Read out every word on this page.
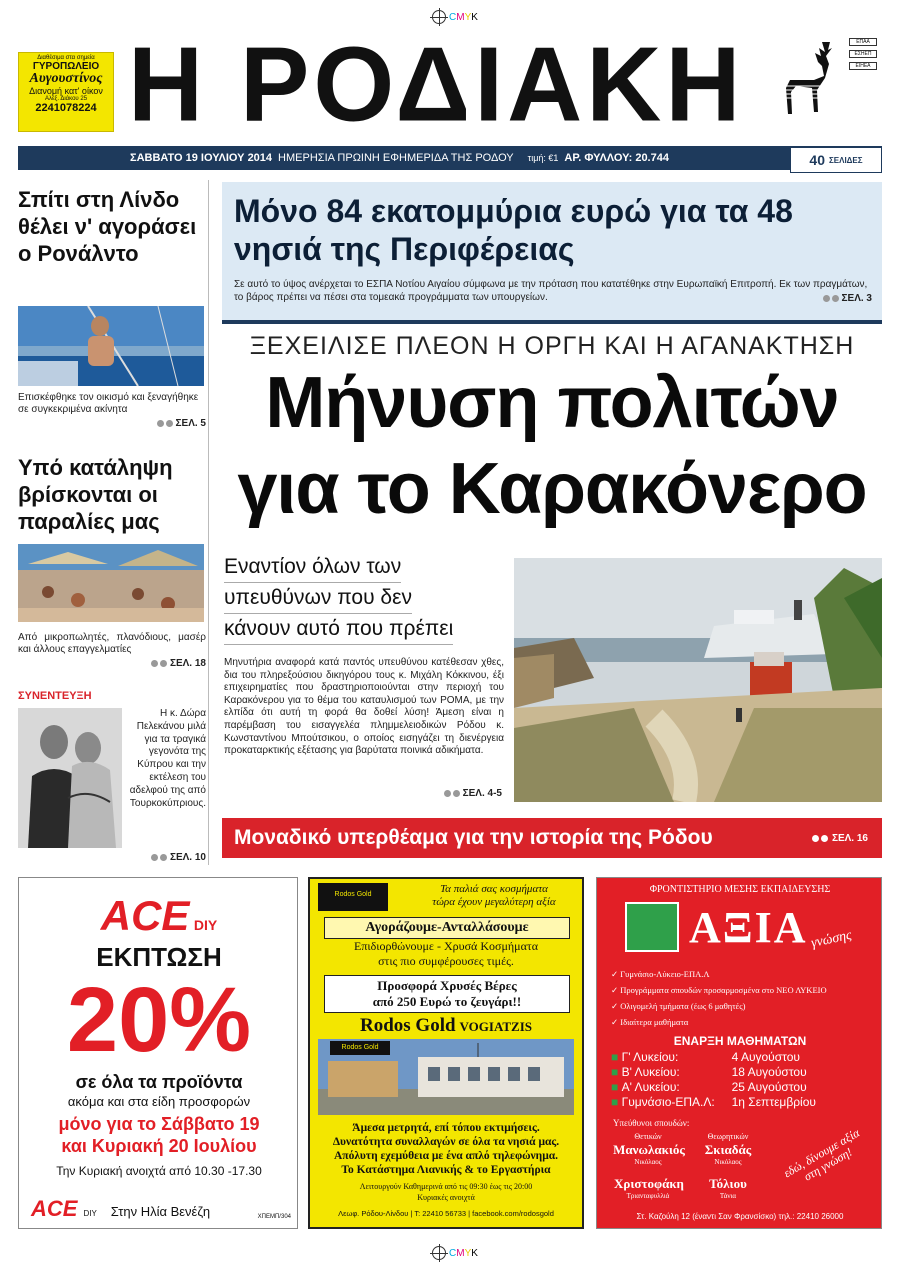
CMYK
Διαθέσιμα στα σημεία
ΓΥΡΟΠΩΛΕΙΟ
Αυγουστίνος
Διανομή κατ' οίκον
Αλεξ. Διάκου 25
2241078224 Η ΡΟΔΙΑΚΗ	ΕΠΑΑ
ΕΣΗΕΠ
ΕΙΗΕΑ
ΣΑΒΒΑΤΟ 19 ΙΟΥΛΙΟΥ 2014 ΗΜΕΡΗΣΙΑ ΠΡΩΙΝΗ ΕΦΗΜΕΡΙΔΑ ΤΗΣ ΡΟΔΟΥ τιμή: €1 ΑΡ. ΦΥΛΛΟΥ: 20.744	40 ΣΕΛΙΔΕΣ
Σπίτι στη Λίνδο θέλει ν' αγοράσει ο Ρονάλντο
Επισκέφθηκε τον οικισμό και ξεναγήθηκε σε συγκεκριμένα ακίνητα
ΣΕΛ. 5
Υπό κατάληψη βρίσκονται οι παραλίες μας
Από μικροπωλητές, πλανόδιους, μασέρ και άλλους επαγγελματίες
ΣΕΛ. 18
ΣΥΝΕΝΤΕΥΞΗ
Η κ. Δώρα Πελεκάνου μιλά για τα τραγικά γεγονότα της Κύπρου και την εκτέλεση του αδελφού της από Τουρκοκύπριους.
ΣΕΛ. 10
Μόνο 84 εκατομμύρια ευρώ για τα 48 νησιά της Περιφέρειας
Σε αυτό το ύψος ανέρχεται το ΕΣΠΑ Νοτίου Αιγαίου σύμφωνα με την πρόταση που κατατέθηκε στην Ευρωπαϊκή Επιτροπή. Εκ των πραγμάτων, το βάρος πρέπει να πέσει στα τομεακά προγράμματα των υπουργείων.	ΣΕΛ. 3
ΞΕΧΕΙΛΙΣΕ ΠΛΕΟΝ Η ΟΡΓΗ ΚΑΙ Η ΑΓΑΝΑΚΤΗΣΗ
Μήνυση πολιτών
για το Καρακόνερο
Εναντίον όλων των
υπευθύνων που δεν
κάνουν αυτό που πρέπει
Μηνυτήρια αναφορά κατά παντός υπευθύνου κατέθεσαν χθες, δια του πληρεξούσιου δικηγόρου τους κ. Μιχάλη Κόκκινου, έξι επιχειρηματίες που δραστηριοποιούνται στην περιοχή του Καρακόνερου για το θέμα του καταυλισμού των ΡΟΜΑ, με την ελπίδα ότι αυτή τη φορά θα δοθεί λύση! Άμεση είναι η παρέμβαση του εισαγγελέα πλημμελειοδικών Ρόδου κ. Κωνσταντίνου Μπούτσικου, ο οποίος εισηγάζει τη διενέργεια προκαταρκτικής εξέτασης για βαρύτατα ποινικά αδικήματα.
ΣΕΛ. 4-5
Μοναδικό υπερθέαμα για την ιστορία της Ρόδου	ΣΕΛ. 16
ACE DIY
ΕΚΠΤΩΣΗ
20%
σε όλα τα προϊόντα
ακόμα και στα είδη προσφορών
μόνο για το Σάββατο 19
και Κυριακή 20 Ιουλίου
Την Κυριακή ανοιχτά από 10.30 -17.30
ACE DIY Στην Ηλία Βενέζη	ΧΠΕΜΠ/304
Rodos Gold	Τα παλιά σας κοσμήματα
τώρα έχουν μεγαλύτερη αξία
Αγοράζουμε-Ανταλλάσουμε
Επιδιορθώνουμε - Χρυσά Κοσμήματα
στις πιο συμφέρουσες τιμές.
Προσφορά Χρυσές Βέρες
από 250 Ευρώ το ζευγάρι!!
Rodos Gold VOGIATZIS
Rodos Gold
Άμεσα μετρητά, επί τόπου εκτιμήσεις.
Δυνατότητα συναλλαγών σε όλα τα νησιά μας.
Απόλυτη εχεμύθεια με ένα απλό τηλεφώνημα.
Το Κατάστημα Λιανικής & το Εργαστήρια
Λειτουργούν Καθημερινά από τις 09:30 έως τις 20:00
Κυριακές ανοιχτά
Λεωφ. Ρόδου-Λίνδου | Τ: 22410 56733 | facebook.com/rodosgold
ΦΡΟΝΤΙΣΤΗΡΙΟ ΜΕΣΗΣ ΕΚΠΑΙΔΕΥΣΗΣ
ΑΞΙΑ γνώσης
✓ Γυμνάσιο-Λύκειο-ΕΠΑ.Λ
✓ Προγράμματα σπουδών προσαρμοσμένα στο ΝΕΟ ΛΥΚΕΙΟ
✓ Ολιγομελή τμήματα (έως 6 μαθητές)
✓ Ιδιαίτερα μαθήματα
ΕΝΑΡΞΗ ΜΑΘΗΜΑΤΩΝ
■
Γ' Λυκείου:	4 Αυγούστου
■
Β' Λυκείου:	18 Αυγούστου
■
Α' Λυκείου:	25 Αυγούστου
■
Γυμνάσιο-ΕΠΑ.Λ:	1η Σεπτεμβρίου
Υπεύθυνοι σπουδών:
Θετικών	Θεωρητικών
Μανωλακιός	Σκιαδάς
Νικόλαος	Νικόλαος
Χριστοφάκη	Τόλιου
Τριανταφυλλιά	Τάνια
εδώ, δίνουμε αξία στη γνώση!
Στ. Καζούλη 12 (έναντι Σαν Φρανσίσκο) τηλ.: 22410 26000
CMYK
